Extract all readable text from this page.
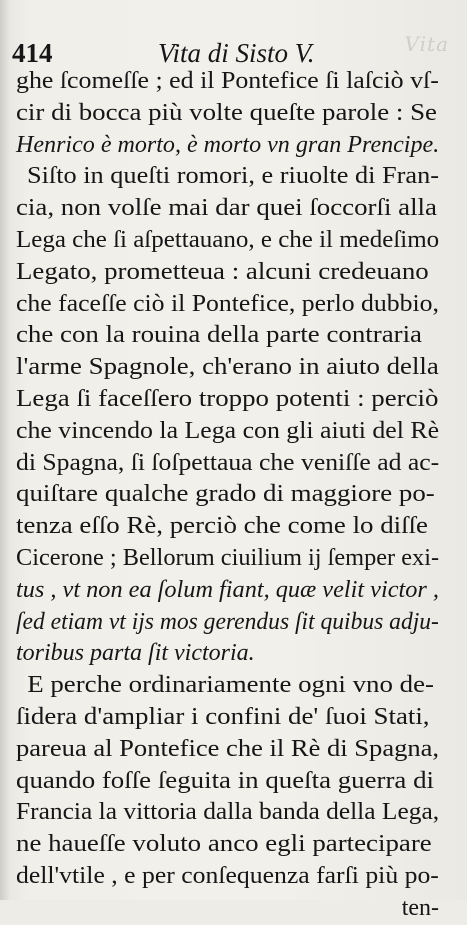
Vita
414	Vita di Sisto V.
ghe ſcomeſſe ; ed il Pontefice ſi laſciò vſ-
cir di bocca più volte queſte parole : Se
Henrico è morto, è morto vn gran Prencipe.
Siſto in queſti romori, e riuolte di Fran-
cia, non volſe mai dar quei ſoccorſi alla
Lega che ſi aſpettauano, e che il medeſimo
Legato, prometteua : alcuni credeuano
che faceſſe ciò il Pontefice, perlo dubbio,
che con la rouina della parte contraria
l'arme Spagnole, ch'erano in aiuto della
Lega ſi faceſſero troppo potenti : perciò
che vincendo la Lega con gli aiuti del Rè
di Spagna, ſi ſoſpettaua che veniſſe ad ac-
quiſtare qualche grado di maggiore po-
tenza eſſo Rè, perciò che come lo diſſe
Cicerone ; Bellorum ciuilium ij ſemper exi-
tus , vt non ea ſolum fiant, quæ velit victor ,
ſed etiam vt ijs mos gerendus ſit quibus adju-
toribus parta ſit victoria.
E perche ordinariamente ogni vno de-
ſidera d'ampliar i confini de' ſuoi Stati,
pareua al Pontefice che il Rè di Spagna,
quando foſſe ſeguita in queſta guerra di
Francia la vittoria dalla banda della Lega,
ne haueſſe voluto anco egli partecipare
dell'vtile , e per conſequenza farſi più po-
ten-
